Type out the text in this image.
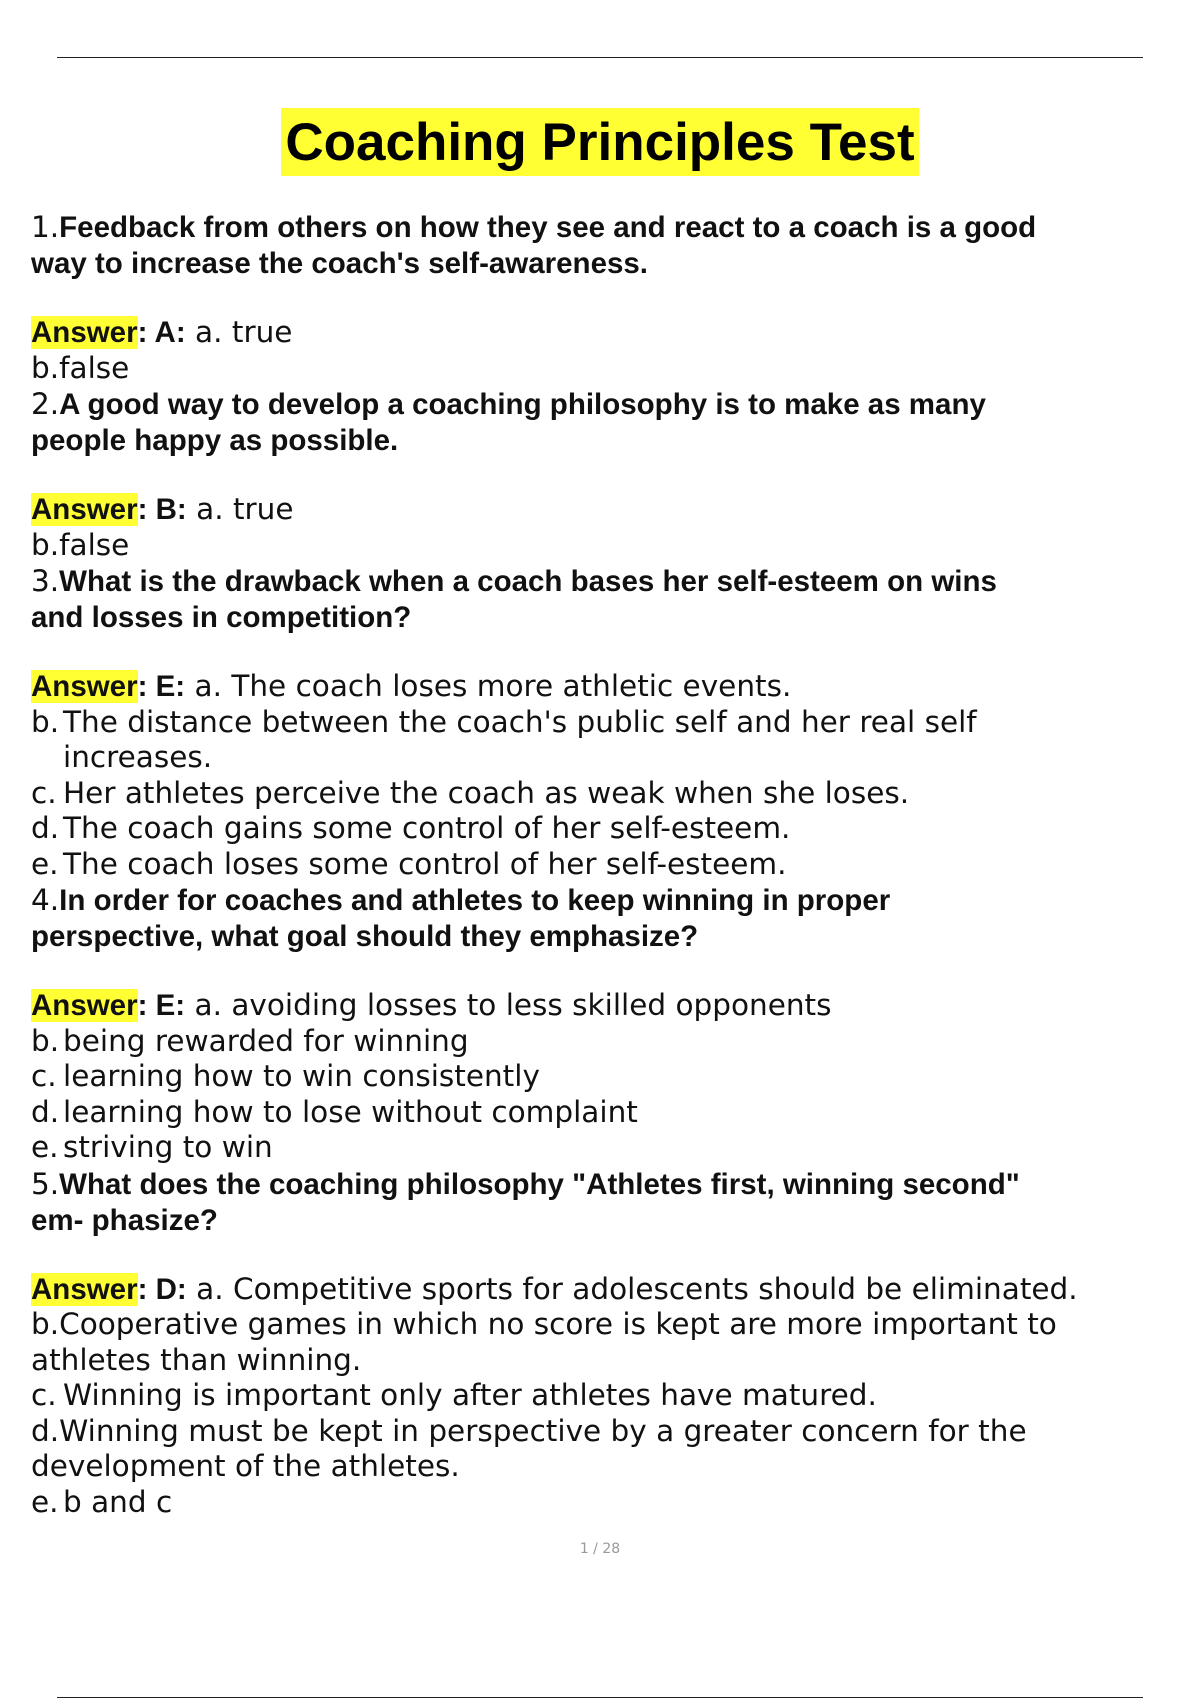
Coaching Principles Test
1.Feedback from others on how they see and react to a coach is a good
way to increase the coach's self-awareness.
Answer: A: a. true
b. false
2.A good way to develop a coaching philosophy is to make as many
people happy as possible.
Answer: B: a. true
b. false
3.What is the drawback when a coach bases her self-esteem on wins
and losses in competition?
Answer: E: a. The coach loses more athletic events.
b. The distance between the coach's public self and her real self
increases.
c. Her athletes perceive the coach as weak when she loses.
d. The coach gains some control of her self-esteem.
e. The coach loses some control of her self-esteem.
4.In order for coaches and athletes to keep winning in proper
perspective, what goal should they emphasize?
Answer: E: a. avoiding losses to less skilled opponents
b. being rewarded for winning
c. learning how to win consistently
d. learning how to lose without complaint
e. striving to win
5.What does the coaching philosophy "Athletes first, winning second"
em- phasize?
Answer: D: a. Competitive sports for adolescents should be eliminated.
b.Cooperative games in which no score is kept are more important to
athletes than winning.
c. Winning is important only after athletes have matured.
d.Winning must be kept in perspective by a greater concern for the
development of the athletes.
e. b and c
1 / 28
